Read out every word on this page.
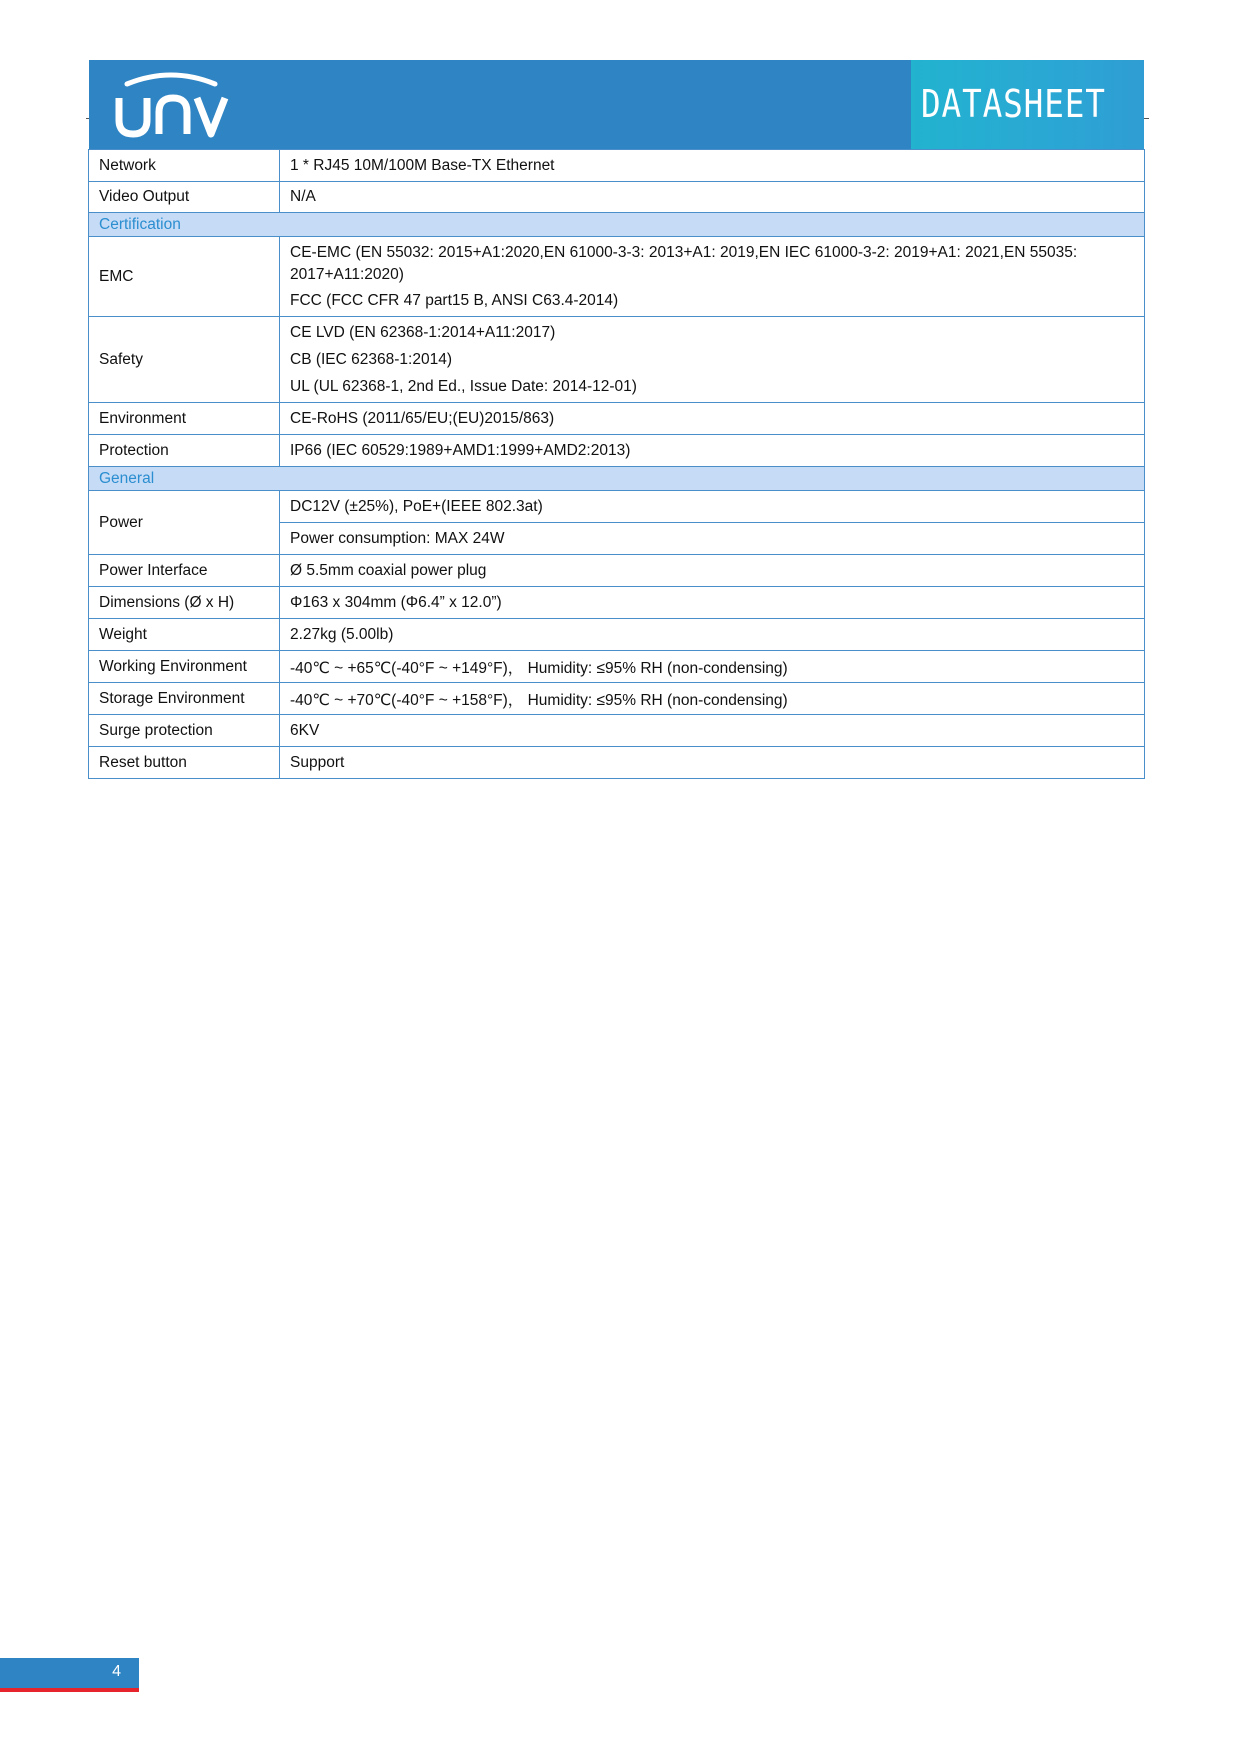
DATASHEET
Network	1 * RJ45 10M/100M Base-TX Ethernet
Video Output	N/A
Certification	
EMC	CE-EMC (EN 55032: 2015+A1:2020,EN 61000-3-3: 2013+A1: 2019,EN IEC 61000-3-2: 2019+A1: 2021,EN 55035:
2017+A11:2020)
FCC (FCC CFR 47 part15 B, ANSI C63.4-2014)

Safety	CE LVD (EN 62368-1:2014+A11:2017)
CB (IEC 62368-1:2014)
UL (UL 62368-1, 2nd Ed., Issue Date: 2014-12-01)

Environment	CE-RoHS (2011/65/EU;(EU)2015/863)
Protection	IP66 (IEC 60529:1989+AMD1:1999+AMD2:2013)
General	
Power	DC12V (±25%), PoE+(IEEE 802.3at)
	Power consumption: MAX 24W
Power Interface	Ø 5.5mm coaxial power plug
Dimensions (Ø x H)	Φ163 x 304mm (Φ6.4” x 12.0”)
Weight	2.27kg (5.00lb)
Working Environment	-40℃ ~ +65℃(-40°F ~ +149°F)， Humidity: ≤95% RH (non-condensing)
Storage Environment	-40℃ ~ +70℃(-40°F ~ +158°F)， Humidity: ≤95% RH (non-condensing)
Surge protection	6KV
Reset button	Support
4
